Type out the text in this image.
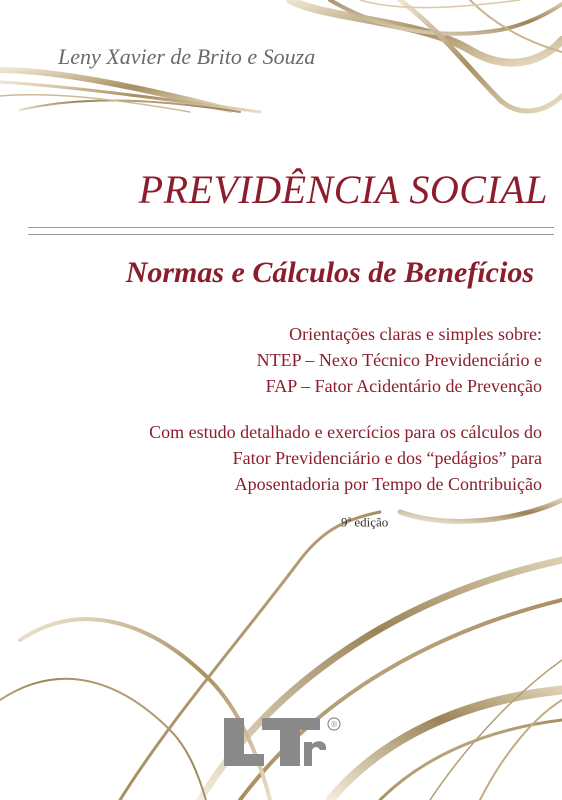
Leny Xavier de Brito e Souza
PREVIDÊNCIA SOCIAL
Normas e Cálculos de Benefícios
Orientações claras e simples sobre:
NTEP – Nexo Técnico Previdenciário e
FAP – Fator Acidentário de Prevenção
Com estudo detalhado e exercícios para os cálculos do
Fator Previdenciário e dos “pedágios” para
Aposentadoria por Tempo de Contribuição
9$^a$ edição
®
